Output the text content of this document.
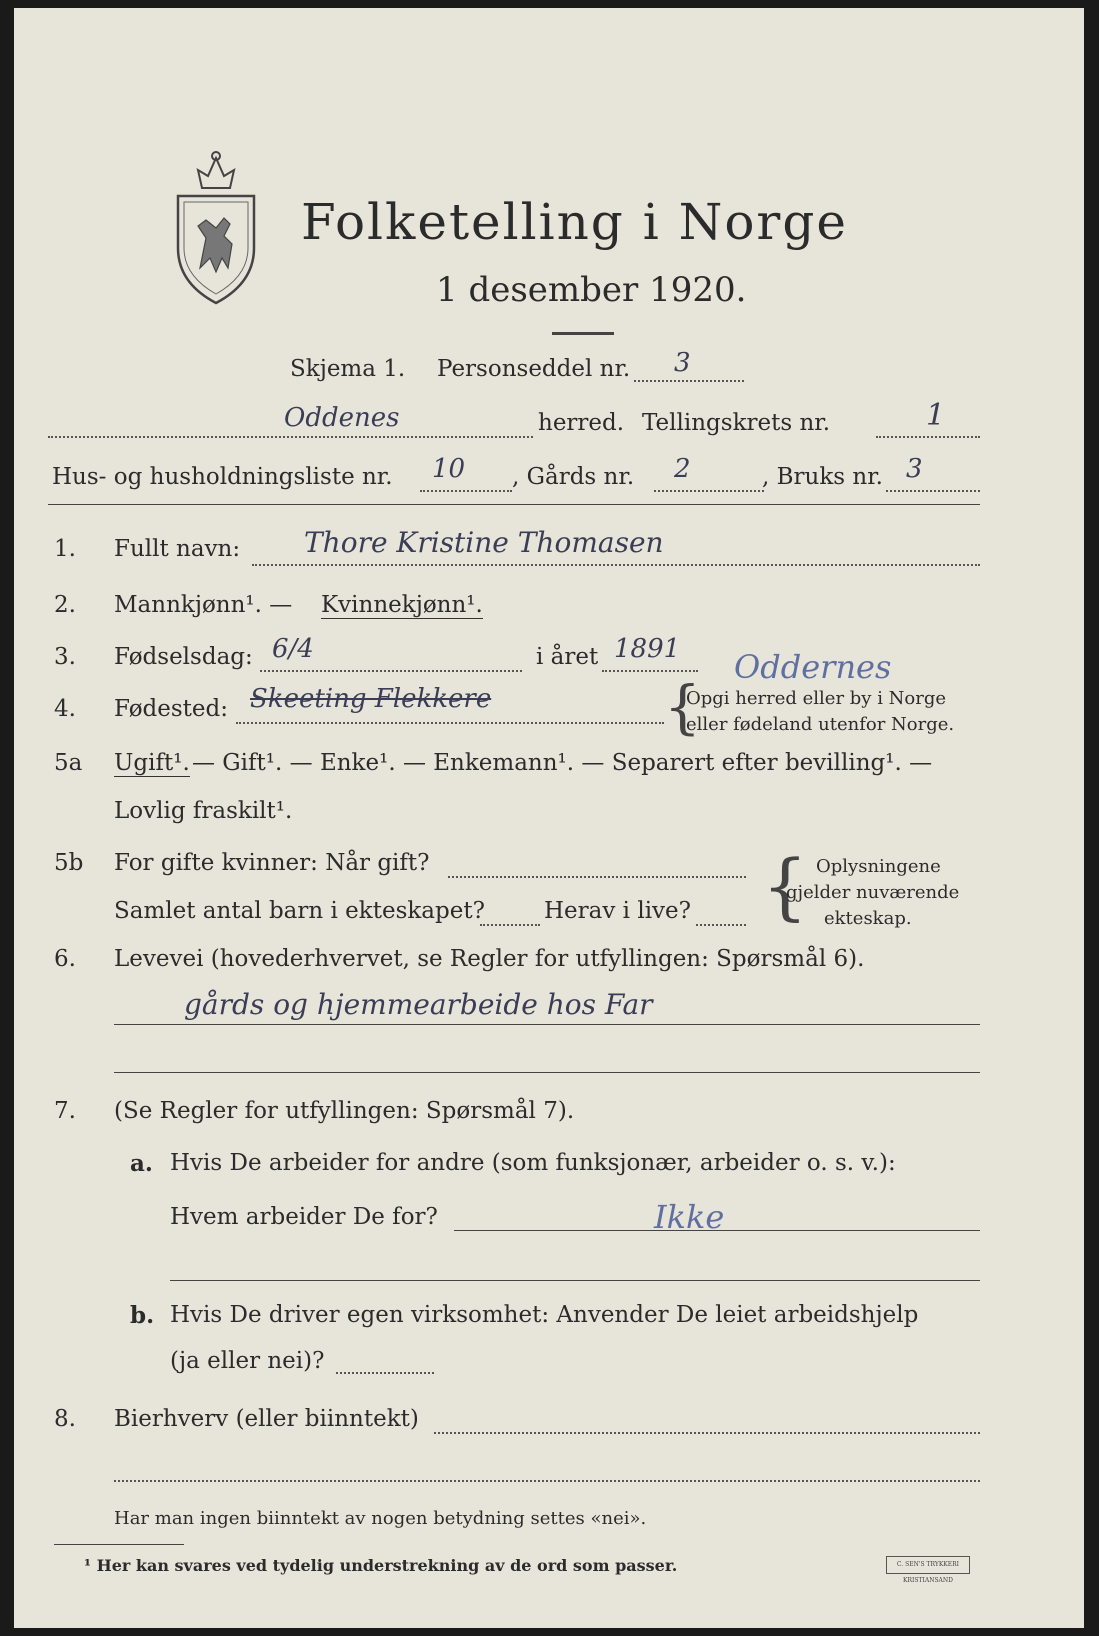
Folketelling i Norge
1 desember 1920.
Skjema 1. Personseddel nr. 3
Oddenes	herred. Tellingskrets nr.	1
Hus- og husholdningsliste nr. 10 , Gårds nr. 2	, Bruks nr. 3
1. Fullt navn: Thore Kristine Thomasen
2. Mannkjønn¹. — Kvinnekjønn¹.
3. Fødselsdag: 6/4	i året 1891
4. Fødested: Skeeting Flekkere
Oddernes
{
Opgi herred eller by i Norge
eller fødeland utenfor Norge.
5a Ugift¹. — Gift¹. — Enke¹. — Enkemann¹. — Separert efter bevilling¹. —
Lovlig fraskilt¹.
5b For gifte kvinner: Når gift?
Samlet antal barn i ekteskapet?	Herav i live? { Oplysningene
gjelder nuværende
ekteskap.
6. Levevei (hovederhvervet, se Regler for utfyllingen: Spørsmål 6).
gårds og hjemmearbeide hos Far
7. (Se Regler for utfyllingen: Spørsmål 7).
a. Hvis De arbeider for andre (som funksjonær, arbeider o. s. v.):
Hvem arbeider De for?	Ikke
b. Hvis De driver egen virksomhet: Anvender De leiet arbeidshjelp
(ja eller nei)?
8. Bierhverv (eller biinntekt)
Har man ingen biinntekt av nogen betydning settes «nei».
¹ Her kan svares ved tydelig understrekning av de ord som passer.	C. SEN'S TRYKKERI KRISTIANSAND
